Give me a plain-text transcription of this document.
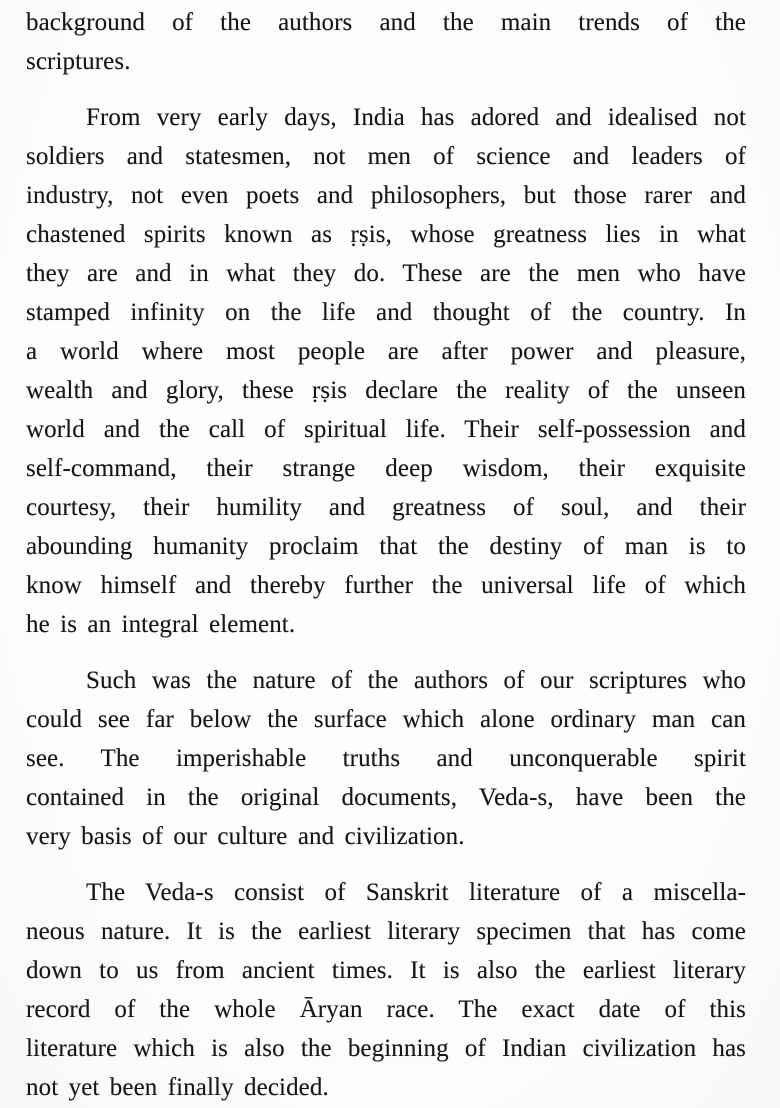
background of the authors and the main trends of the
scriptures.
From very early days, India has adored and idealised not
soldiers and statesmen, not men of science and leaders of
industry, not even poets and philosophers, but those rarer and
chastened spirits known as ṛṣis, whose greatness lies in what
they are and in what they do. These are the men who have
stamped infinity on the life and thought of the country. In
a world where most people are after power and pleasure,
wealth and glory, these ṛṣis declare the reality of the unseen
world and the call of spiritual life. Their self-possession and
self-command, their strange deep wisdom, their exquisite
courtesy, their humility and greatness of soul, and their
abounding humanity proclaim that the destiny of man is to
know himself and thereby further the universal life of which
he is an integral element.
Such was the nature of the authors of our scriptures who
could see far below the surface which alone ordinary man can
see. The imperishable truths and unconquerable spirit
contained in the original documents, Veda-s, have been the
very basis of our culture and civilization.
The Veda-s consist of Sanskrit literature of a miscella-
neous nature. It is the earliest literary specimen that has come
down to us from ancient times. It is also the earliest literary
record of the whole Āryan race. The exact date of this
literature which is also the beginning of Indian civilization has
not yet been finally decided.
